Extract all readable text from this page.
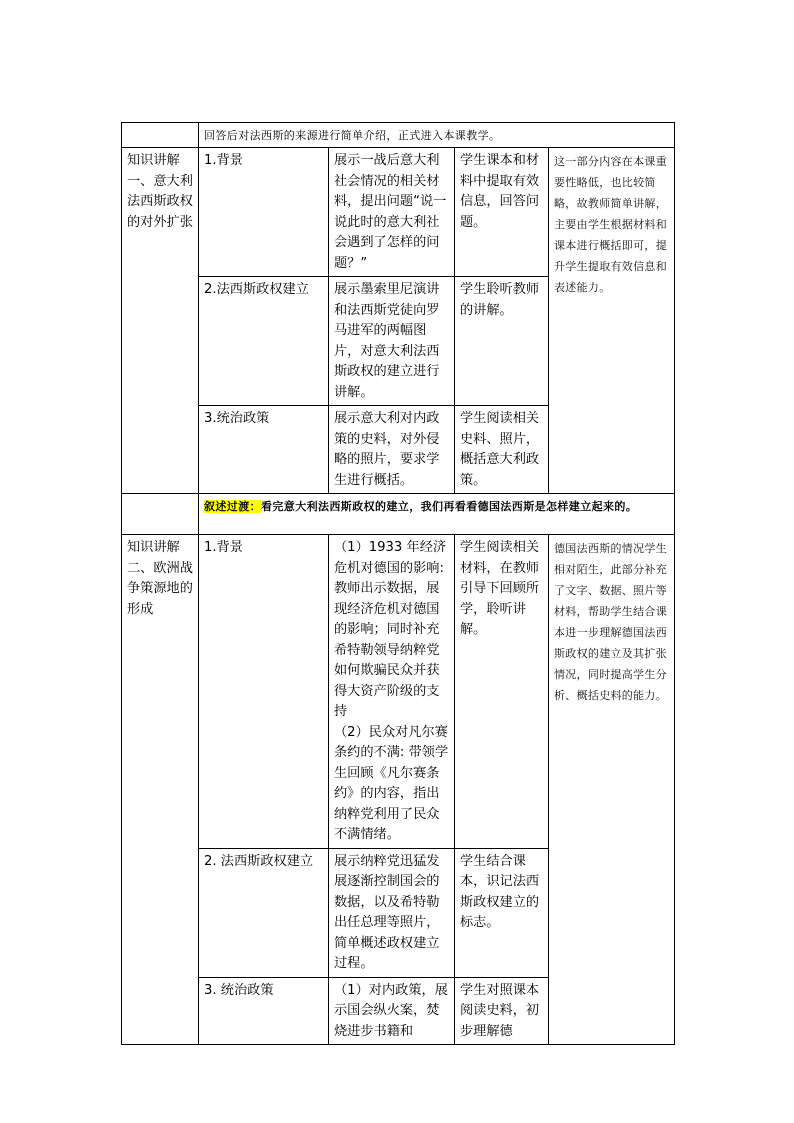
	回答后对法西斯的来源进行简单介绍，正式进入本课教学。			
知识讲解一、意大利法西斯政权的对外扩张	1.背景	展示一战后意大利社会情况的相关材料，提出问题“说一说此时的意大利社会遇到了怎样的问题？”	学生课本和材料中提取有效信息，回答问题。	这一部分内容在本课重要性略低，也比较简略，故教师简单讲解，主要由学生根据材料和课本进行概括即可，提升学生提取有效信息和表述能力。
	2.法西斯政权建立	展示墨索里尼演讲和法西斯党徒向罗马进军的两幅图片，对意大利法西斯政权的建立进行讲解。	学生聆听教师的讲解。	
	3.统治政策	展示意大利对内政策的史料，对外侵略的照片，要求学生进行概括。	学生阅读相关史料、照片，概括意大利政策。	
	叙述过渡：看完意大利法西斯政权的建立，我们再看看德国法西斯是怎样建立起来的。			
知识讲解二、欧洲战争策源地的形成	1.背景	（1）1933 年经济危机对德国的影响: 教师出示数据，展现经济危机对德国的影响；同时补充希特勒领导纳粹党如何欺骗民众并获得大资产阶级的支持
（2）民众对凡尔赛条约的不满: 带领学生回顾《凡尔赛条约》的内容，指出纳粹党利用了民众不满情绪。	学生阅读相关材料，在教师引导下回顾所学，聆听讲解。	德国法西斯的情况学生相对陌生，此部分补充了文字、数据、照片等材料，帮助学生结合课本进一步理解德国法西斯政权的建立及其扩张情况，同时提高学生分析、概括史料的能力。
	2. 法西斯政权建立	展示纳粹党迅猛发展逐渐控制国会的数据，以及希特勒出任总理等照片，简单概述政权建立过程。	学生结合课本，识记法西斯政权建立的标志。	
	3. 统治政策	（1）对内政策，展示国会纵火案，焚烧进步书籍和	学生对照课本阅读史料，初步理解德	
